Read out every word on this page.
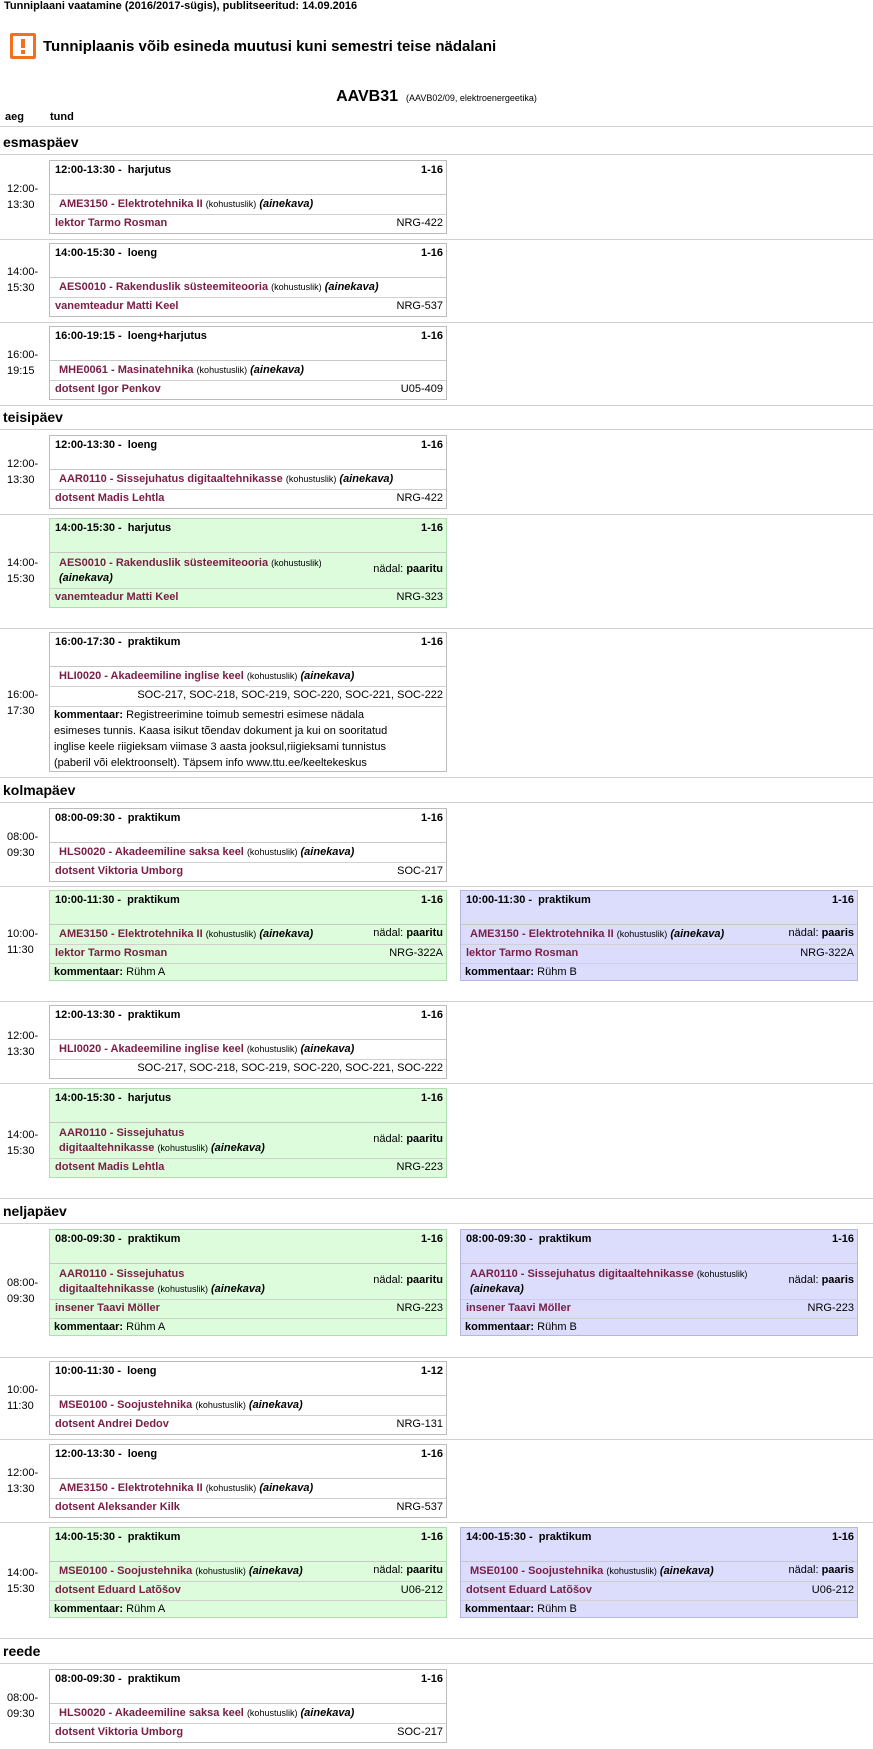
Tunniplaani vaatamine (2016/2017-sügis), publitseeritud: 14.09.2016
Tunniplaanis võib esineda muutusi kuni semestri teise nädalani
AAVB31 (AAVB02/09, elektroenergeetika)
aeg tund
esmaspäev
12:00-
13:30
12:00-13:30 - harjutus	1-16
AME3150 - Elektrotehnika II (kohustuslik) (ainekava)
lektor Tarmo Rosman	NRG-422
14:00-
15:30
14:00-15:30 - loeng	1-16
AES0010 - Rakenduslik süsteemiteooria (kohustuslik) (ainekava)
vanemteadur Matti Keel	NRG-537
16:00-
19:15
16:00-19:15 - loeng+harjutus	1-16
MHE0061 - Masinatehnika (kohustuslik) (ainekava)
dotsent Igor Penkov	U05-409
teisipäev
12:00-
13:30
12:00-13:30 - loeng	1-16
AAR0110 - Sissejuhatus digitaaltehnikasse (kohustuslik) (ainekava)
dotsent Madis Lehtla	NRG-422
14:00-
15:30
14:00-15:30 - harjutus	1-16
AES0010 - Rakenduslik süsteemiteooria (kohustuslik)
(ainekava)
nädal: paaritu
vanemteadur Matti Keel	NRG-323
16:00-
17:30
16:00-17:30 - praktikum	1-16
HLI0020 - Akadeemiline inglise keel (kohustuslik) (ainekava)
SOC-217, SOC-218, SOC-219, SOC-220, SOC-221, SOC-222
kommentaar: Registreerimine toimub semestri esimese nädala
esimeses tunnis. Kaasa isikut tõendav dokument ja kui on sooritatud
inglise keele riigieksam viimase 3 aasta jooksul,riigieksami tunnistus
(paberil või elektroonselt). Täpsem info www.ttu.ee/keeltekeskus
kolmapäev
08:00-
09:30
08:00-09:30 - praktikum	1-16
HLS0020 - Akadeemiline saksa keel (kohustuslik) (ainekava)
dotsent Viktoria Umborg	SOC-217
10:00-
11:30
10:00-11:30 - praktikum	1-16
AME3150 - Elektrotehnika II (kohustuslik) (ainekava)	nädal: paaritu
lektor Tarmo Rosman	NRG-322A
kommentaar: Rühm A
10:00-11:30 - praktikum	1-16
AME3150 - Elektrotehnika II (kohustuslik) (ainekava)	nädal: paaris
lektor Tarmo Rosman	NRG-322A
kommentaar: Rühm B
12:00-
13:30
12:00-13:30 - praktikum	1-16
HLI0020 - Akadeemiline inglise keel (kohustuslik) (ainekava)
SOC-217, SOC-218, SOC-219, SOC-220, SOC-221, SOC-222
14:00-
15:30
14:00-15:30 - harjutus	1-16
AAR0110 - Sissejuhatus
digitaaltehnikasse (kohustuslik) (ainekava)
nädal: paaritu
dotsent Madis Lehtla	NRG-223
neljapäev
08:00-
09:30
08:00-09:30 - praktikum	1-16
AAR0110 - Sissejuhatus
digitaaltehnikasse (kohustuslik) (ainekava)
nädal: paaritu
insener Taavi Möller	NRG-223
kommentaar: Rühm A
08:00-09:30 - praktikum	1-16
AAR0110 - Sissejuhatus digitaaltehnikasse (kohustuslik)
(ainekava)
nädal: paaris
insener Taavi Möller	NRG-223
kommentaar: Rühm B
10:00-
11:30
10:00-11:30 - loeng	1-12
MSE0100 - Soojustehnika (kohustuslik) (ainekava)
dotsent Andrei Dedov	NRG-131
12:00-
13:30
12:00-13:30 - loeng	1-16
AME3150 - Elektrotehnika II (kohustuslik) (ainekava)
dotsent Aleksander Kilk	NRG-537
14:00-
15:30
14:00-15:30 - praktikum	1-16
MSE0100 - Soojustehnika (kohustuslik) (ainekava)	nädal: paaritu
dotsent Eduard Latõšov	U06-212
kommentaar: Rühm A
14:00-15:30 - praktikum	1-16
MSE0100 - Soojustehnika (kohustuslik) (ainekava)	nädal: paaris
dotsent Eduard Latõšov	U06-212
kommentaar: Rühm B
reede
08:00-
09:30
08:00-09:30 - praktikum	1-16
HLS0020 - Akadeemiline saksa keel (kohustuslik) (ainekava)
dotsent Viktoria Umborg	SOC-217
